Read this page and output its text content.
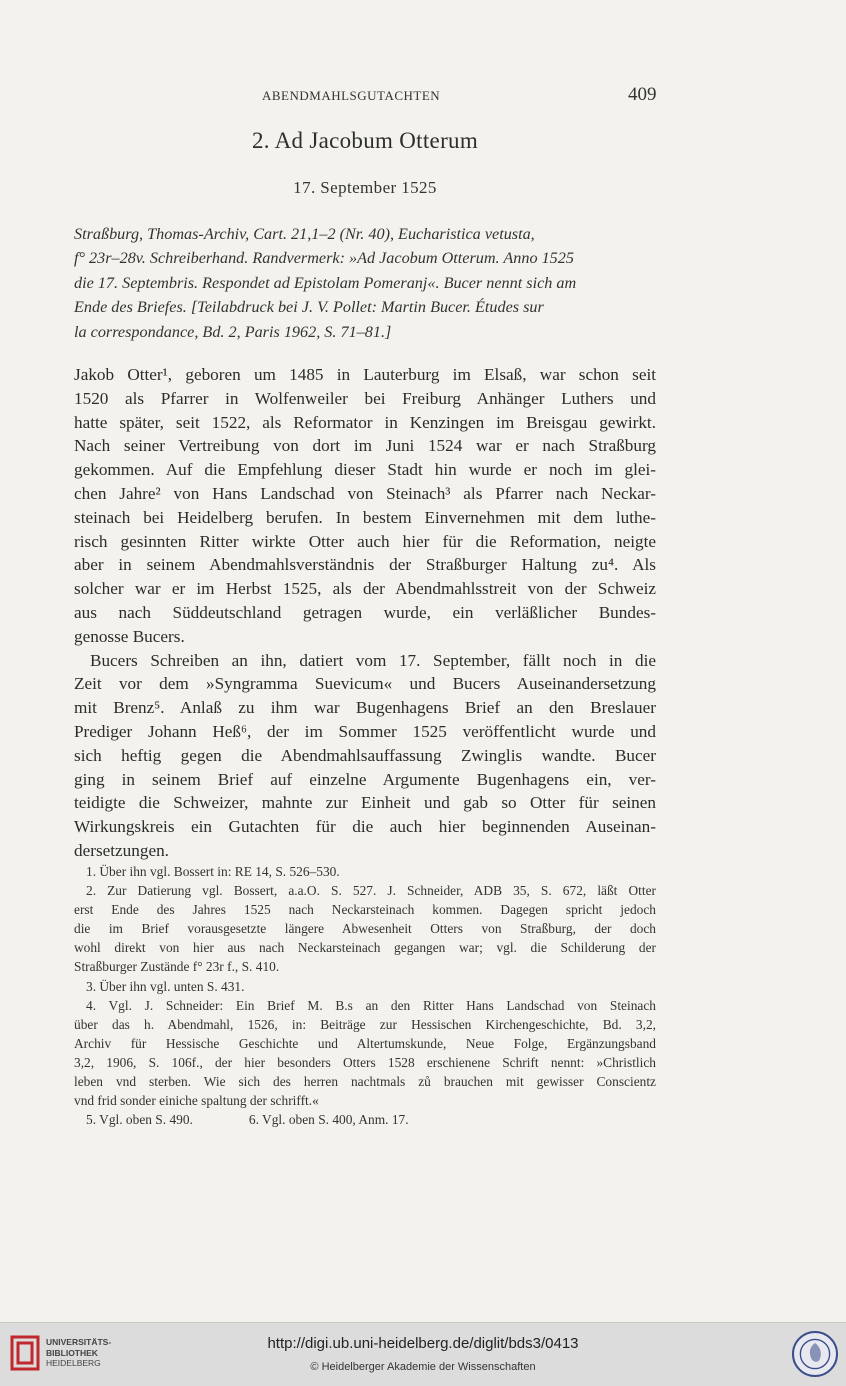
ABENDMAHLSGUTACHTEN	409
2. Ad Jacobum Otterum
17. September 1525
Straßburg, Thomas-Archiv, Cart. 21,1–2 (Nr. 40), Eucharistica vetusta,
f° 23r–28v. Schreiberhand. Randvermerk: »Ad Jacobum Otterum. Anno 1525
die 17. Septembris. Respondet ad Epistolam Pomeranj«. Bucer nennt sich am
Ende des Briefes. [Teilabdruck bei J. V. Pollet: Martin Bucer. Études sur
la correspondance, Bd. 2, Paris 1962, S. 71–81.]
Jakob Otter¹, geboren um 1485 in Lauterburg im Elsaß, war schon seit
1520 als Pfarrer in Wolfenweiler bei Freiburg Anhänger Luthers und
hatte später, seit 1522, als Reformator in Kenzingen im Breisgau gewirkt.
Nach seiner Vertreibung von dort im Juni 1524 war er nach Straßburg
gekommen. Auf die Empfehlung dieser Stadt hin wurde er noch im glei-
chen Jahre² von Hans Landschad von Steinach³ als Pfarrer nach Neckar-
steinach bei Heidelberg berufen. In bestem Einvernehmen mit dem luthe-
risch gesinnten Ritter wirkte Otter auch hier für die Reformation, neigte
aber in seinem Abendmahlsverständnis der Straßburger Haltung zu⁴. Als
solcher war er im Herbst 1525, als der Abendmahlsstreit von der Schweiz
aus nach Süddeutschland getragen wurde, ein verläßlicher Bundes-
genosse Bucers.
Bucers Schreiben an ihn, datiert vom 17. September, fällt noch in die
Zeit vor dem »Syngramma Suevicum« und Bucers Auseinandersetzung
mit Brenz⁵. Anlaß zu ihm war Bugenhagens Brief an den Breslauer
Prediger Johann Heß⁶, der im Sommer 1525 veröffentlicht wurde und
sich heftig gegen die Abendmahlsauffassung Zwinglis wandte. Bucer
ging in seinem Brief auf einzelne Argumente Bugenhagens ein, ver-
teidigte die Schweizer, mahnte zur Einheit und gab so Otter für seinen
Wirkungskreis ein Gutachten für die auch hier beginnenden Auseinan-
dersetzungen.
1. Über ihn vgl. Bossert in: RE 14, S. 526–530.
2. Zur Datierung vgl. Bossert, a.a.O. S. 527. J. Schneider, ADB 35, S. 672, läßt Otter
erst Ende des Jahres 1525 nach Neckarsteinach kommen. Dagegen spricht jedoch
die im Brief vorausgesetzte längere Abwesenheit Otters von Straßburg, der doch
wohl direkt von hier aus nach Neckarsteinach gegangen war; vgl. die Schilderung der
Straßburger Zustände f° 23r f., S. 410.
3. Über ihn vgl. unten S. 431.
4. Vgl. J. Schneider: Ein Brief M. B.s an den Ritter Hans Landschad von Steinach
über das h. Abendmahl, 1526, in: Beiträge zur Hessischen Kirchengeschichte, Bd. 3,2,
Archiv für Hessische Geschichte und Altertumskunde, Neue Folge, Ergänzungsband
3,2, 1906, S. 106f., der hier besonders Otters 1528 erschienene Schrift nennt: »Christlich
leben vnd sterben. Wie sich des herren nachtmals zů brauchen mit gewisser Conscientz
vnd frid sonder einiche spaltung der schrifft.«
5. Vgl. oben S. 490.	6. Vgl. oben S. 400, Anm. 17.
UNIVERSITÄTS-
BIBLIOTHEK
HEIDELBERG
http://digi.ub.uni-heidelberg.de/diglit/bds3/0413
© Heidelberger Akademie der Wissenschaften
